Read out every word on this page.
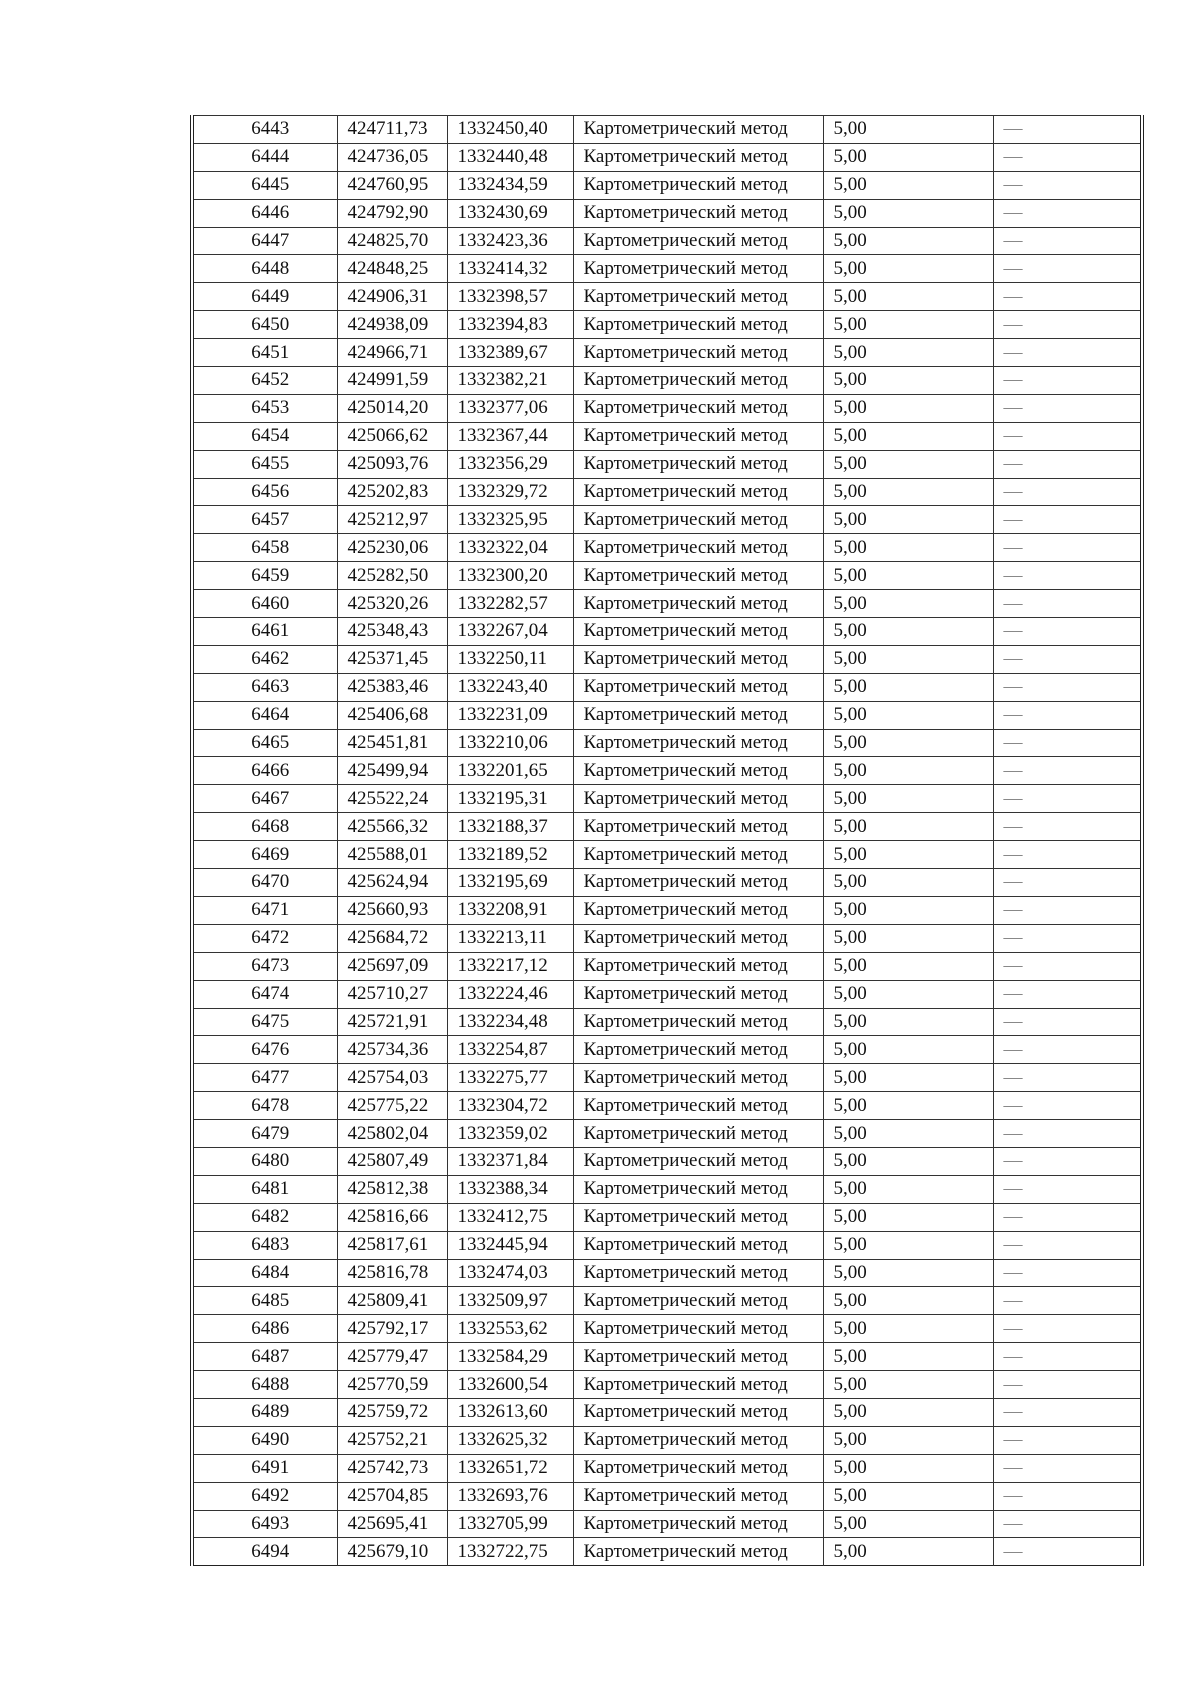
6443	424711,73	1332450,40	Картометрический метод	5,00	—
6444	424736,05	1332440,48	Картометрический метод	5,00	—
6445	424760,95	1332434,59	Картометрический метод	5,00	—
6446	424792,90	1332430,69	Картометрический метод	5,00	—
6447	424825,70	1332423,36	Картометрический метод	5,00	—
6448	424848,25	1332414,32	Картометрический метод	5,00	—
6449	424906,31	1332398,57	Картометрический метод	5,00	—
6450	424938,09	1332394,83	Картометрический метод	5,00	—
6451	424966,71	1332389,67	Картометрический метод	5,00	—
6452	424991,59	1332382,21	Картометрический метод	5,00	—
6453	425014,20	1332377,06	Картометрический метод	5,00	—
6454	425066,62	1332367,44	Картометрический метод	5,00	—
6455	425093,76	1332356,29	Картометрический метод	5,00	—
6456	425202,83	1332329,72	Картометрический метод	5,00	—
6457	425212,97	1332325,95	Картометрический метод	5,00	—
6458	425230,06	1332322,04	Картометрический метод	5,00	—
6459	425282,50	1332300,20	Картометрический метод	5,00	—
6460	425320,26	1332282,57	Картометрический метод	5,00	—
6461	425348,43	1332267,04	Картометрический метод	5,00	—
6462	425371,45	1332250,11	Картометрический метод	5,00	—
6463	425383,46	1332243,40	Картометрический метод	5,00	—
6464	425406,68	1332231,09	Картометрический метод	5,00	—
6465	425451,81	1332210,06	Картометрический метод	5,00	—
6466	425499,94	1332201,65	Картометрический метод	5,00	—
6467	425522,24	1332195,31	Картометрический метод	5,00	—
6468	425566,32	1332188,37	Картометрический метод	5,00	—
6469	425588,01	1332189,52	Картометрический метод	5,00	—
6470	425624,94	1332195,69	Картометрический метод	5,00	—
6471	425660,93	1332208,91	Картометрический метод	5,00	—
6472	425684,72	1332213,11	Картометрический метод	5,00	—
6473	425697,09	1332217,12	Картометрический метод	5,00	—
6474	425710,27	1332224,46	Картометрический метод	5,00	—
6475	425721,91	1332234,48	Картометрический метод	5,00	—
6476	425734,36	1332254,87	Картометрический метод	5,00	—
6477	425754,03	1332275,77	Картометрический метод	5,00	—
6478	425775,22	1332304,72	Картометрический метод	5,00	—
6479	425802,04	1332359,02	Картометрический метод	5,00	—
6480	425807,49	1332371,84	Картометрический метод	5,00	—
6481	425812,38	1332388,34	Картометрический метод	5,00	—
6482	425816,66	1332412,75	Картометрический метод	5,00	—
6483	425817,61	1332445,94	Картометрический метод	5,00	—
6484	425816,78	1332474,03	Картометрический метод	5,00	—
6485	425809,41	1332509,97	Картометрический метод	5,00	—
6486	425792,17	1332553,62	Картометрический метод	5,00	—
6487	425779,47	1332584,29	Картометрический метод	5,00	—
6488	425770,59	1332600,54	Картометрический метод	5,00	—
6489	425759,72	1332613,60	Картометрический метод	5,00	—
6490	425752,21	1332625,32	Картометрический метод	5,00	—
6491	425742,73	1332651,72	Картометрический метод	5,00	—
6492	425704,85	1332693,76	Картометрический метод	5,00	—
6493	425695,41	1332705,99	Картометрический метод	5,00	—
6494	425679,10	1332722,75	Картометрический метод	5,00	—
